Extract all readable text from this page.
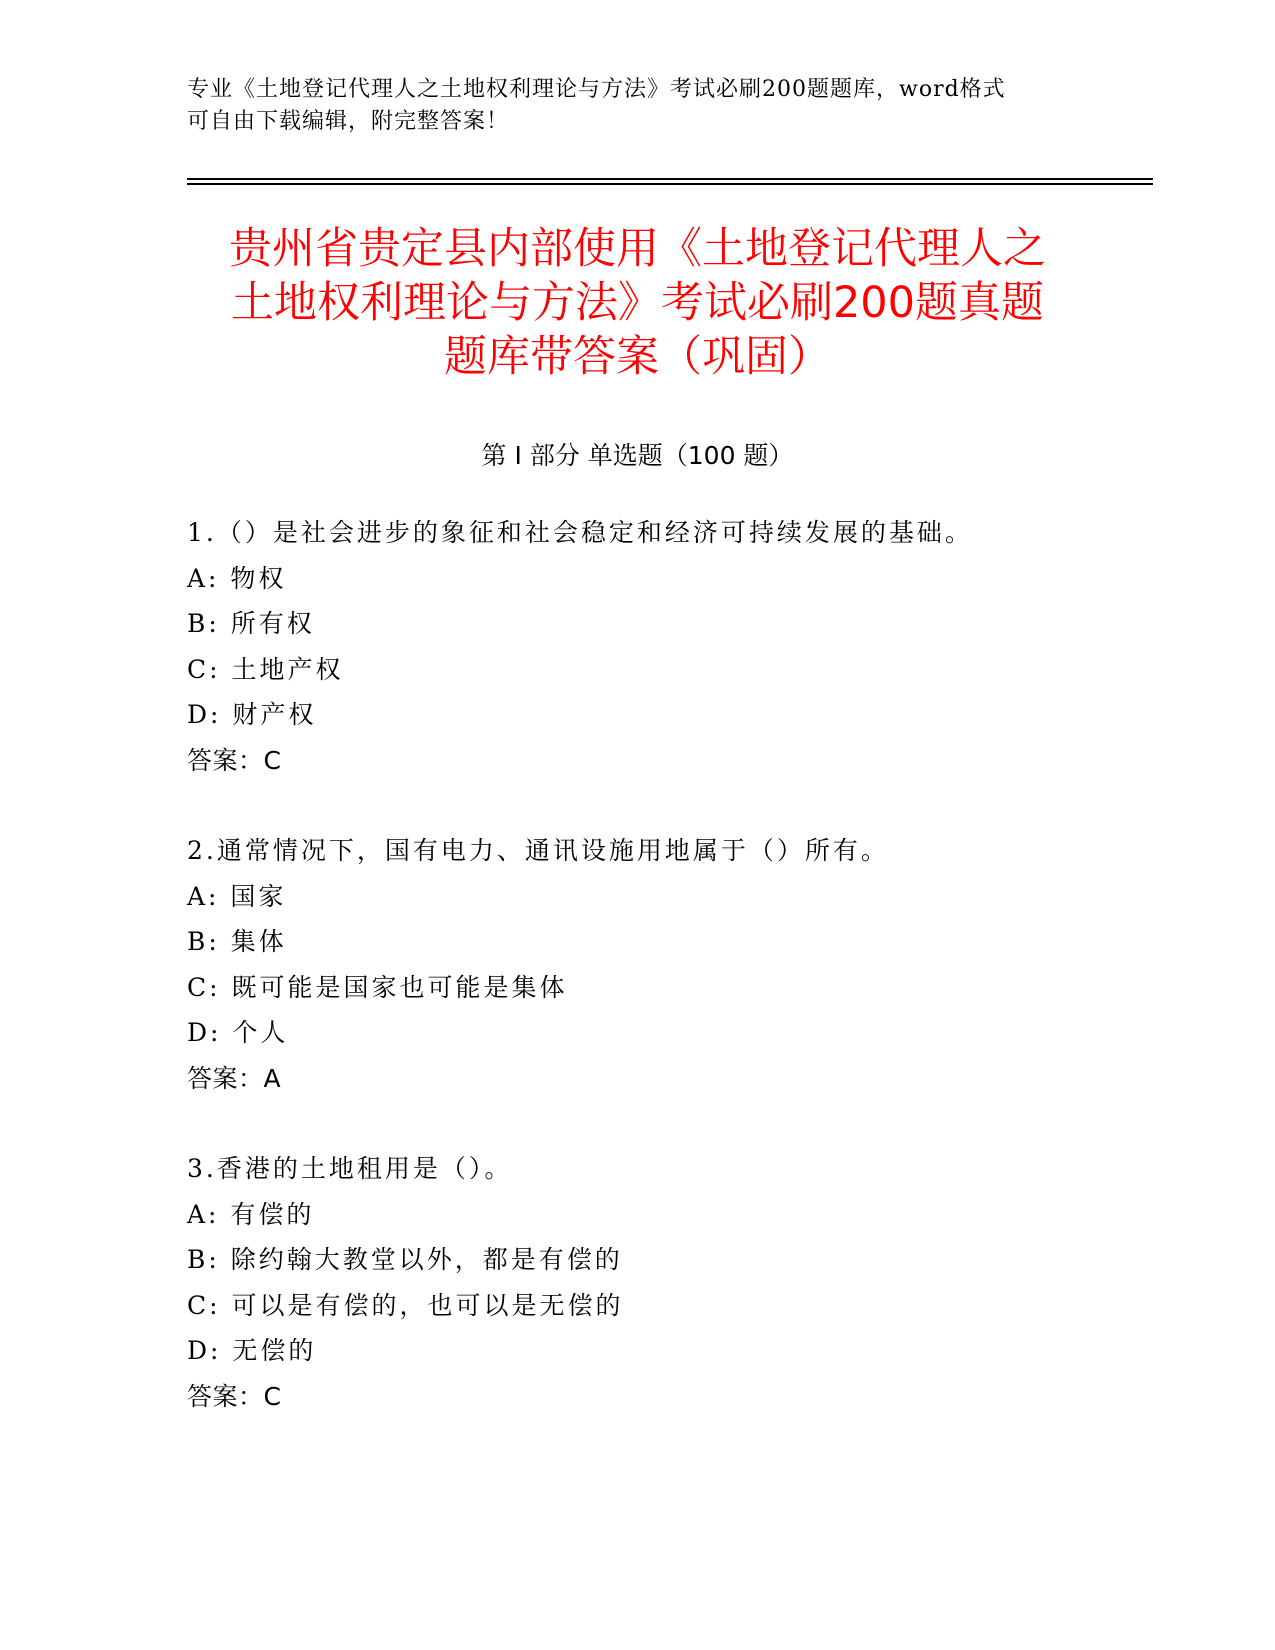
专业《土地登记代理人之土地权利理论与方法》考试必刷200题题库，word格式
可自由下载编辑，附完整答案！
贵州省贵定县内部使用《土地登记代理人之
土地权利理论与方法》考试必刷200题真题
题库带答案（巩固）
第 I 部分 单选题（100 题）
1.（）是社会进步的象征和社会稳定和经济可持续发展的基础。
A: 物权
B: 所有权
C: 土地产权
D: 财产权
答案：C
2.通常情况下，国有电力、通讯设施用地属于（）所有。
A: 国家
B: 集体
C: 既可能是国家也可能是集体
D: 个人
答案：A
3.香港的土地租用是（）。
A: 有偿的
B: 除约翰大教堂以外，都是有偿的
C: 可以是有偿的，也可以是无偿的
D: 无偿的
答案：C
